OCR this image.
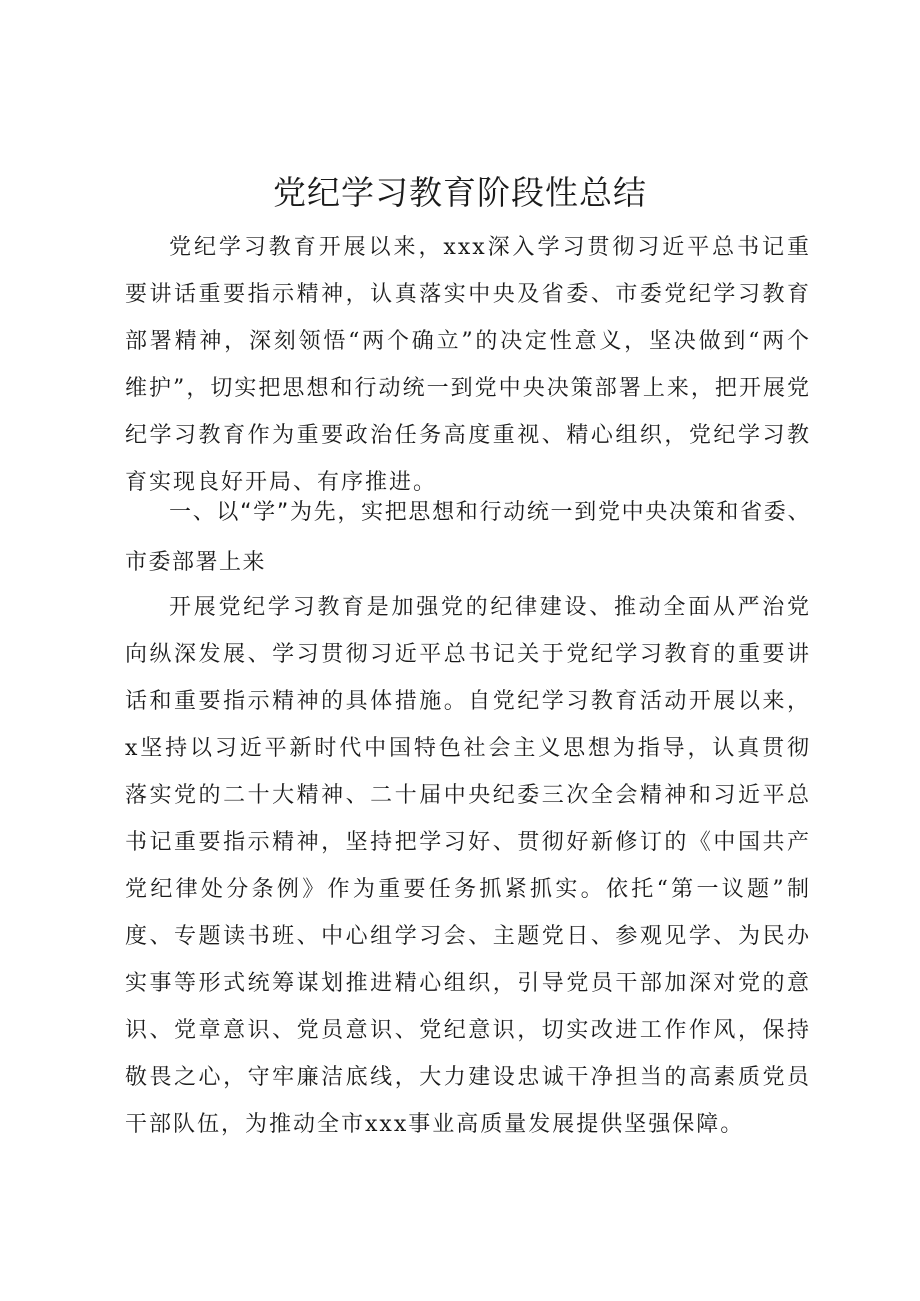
党纪学习教育阶段性总结

党纪学习教育开展以来，xxx深入学习贯彻习近平总书记重要讲话重要指示精神，认真落实中央及省委、市委党纪学习教育部署精神，深刻领悟“两个确立”的决定性意义，坚决做到“两个维护”，切实把思想和行动统一到党中央决策部署上来，把开展党纪学习教育作为重要政治任务高度重视、精心组织，党纪学习教育实现良好开局、有序推进。

一、以“学”为先，实把思想和行动统一到党中央决策和省委、市委部署上来

开展党纪学习教育是加强党的纪律建设、推动全面从严治党向纵深发展、学习贯彻习近平总书记关于党纪学习教育的重要讲话和重要指示精神的具体措施。自党纪学习教育活动开展以来，x坚持以习近平新时代中国特色社会主义思想为指导，认真贯彻落实党的二十大精神、二十届中央纪委三次全会精神和习近平总书记重要指示精神，坚持把学习好、贯彻好新修订的《中国共产党纪律处分条例》作为重要任务抓紧抓实。依托“第一议题”制度、专题读书班、中心组学习会、主题党日、参观见学、为民办实事等形式统筹谋划推进精心组织，引导党员干部加深对党的意识、党章意识、党员意识、党纪意识，切实改进工作作风，保持敬畏之心，守牢廉洁底线，大力建设忠诚干净担当的高素质党员干部队伍，为推动全市xxx事业高质量发展提供坚强保障。
